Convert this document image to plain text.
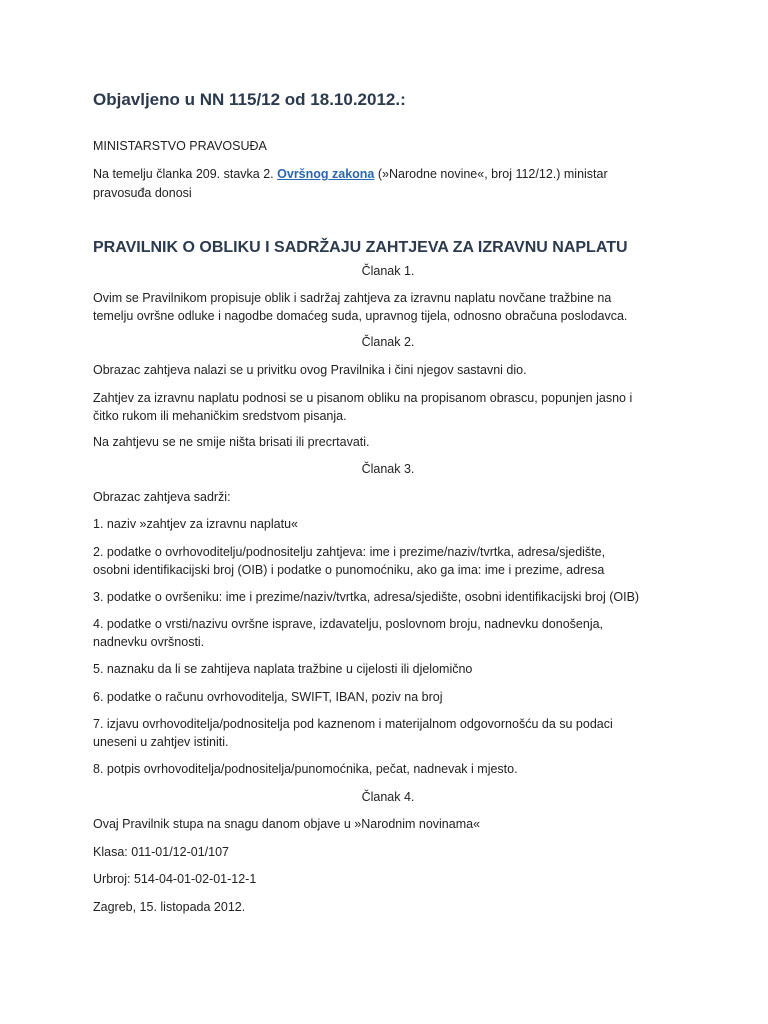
Objavljeno u NN 115/12 od 18.10.2012.:

MINISTARSTVO PRAVOSUĐA

Na temelju članka 209. stavka 2. Ovršnog zakona (»Narodne novine«, broj 112/12.) ministar

pravosuđa donosi

PRAVILNIK O OBLIKU I SADRŽAJU ZAHTJEVA ZA IZRAVNU NAPLATU

Članak 1.

Ovim se Pravilnikom propisuje oblik i sadržaj zahtjeva za izravnu naplatu novčane tražbine na

temelju ovršne odluke i nagodbe domaćeg suda, upravnog tijela, odnosno obračuna poslodavca.

Članak 2.

Obrazac zahtjeva nalazi se u privitku ovog Pravilnika i čini njegov sastavni dio.

Zahtjev za izravnu naplatu podnosi se u pisanom obliku na propisanom obrascu, popunjen jasno i

čitko rukom ili mehaničkim sredstvom pisanja.

Na zahtjevu se ne smije ništa brisati ili precrtavati.

Članak 3.

Obrazac zahtjeva sadrži:

1. naziv »zahtjev za izravnu naplatu«

2. podatke o ovrhovoditelju/podnositelju zahtjeva: ime i prezime/naziv/tvrtka, adresa/sjedište,

osobni identifikacijski broj (OIB) i podatke o punomoćniku, ako ga ima: ime i prezime, adresa

3. podatke o ovršeniku: ime i prezime/naziv/tvrtka, adresa/sjedište, osobni identifikacijski broj (OIB)

4. podatke o vrsti/nazivu ovršne isprave, izdavatelju, poslovnom broju, nadnevku donošenja,

nadnevku ovršnosti.

5. naznaku da li se zahtijeva naplata tražbine u cijelosti ili djelomično

6. podatke o računu ovrhovoditelja, SWIFT, IBAN, poziv na broj

7. izjavu ovrhovoditelja/podnositelja pod kaznenom i materijalnom odgovornošću da su podaci

uneseni u zahtjev istiniti.

8. potpis ovrhovoditelja/podnositelja/punomoćnika, pečat, nadnevak i mjesto.

Članak 4.

Ovaj Pravilnik stupa na snagu danom objave u »Narodnim novinama«

Klasa: 011-01/12-01/107

Urbroj: 514-04-01-02-01-12-1

Zagreb, 15. listopada 2012.
